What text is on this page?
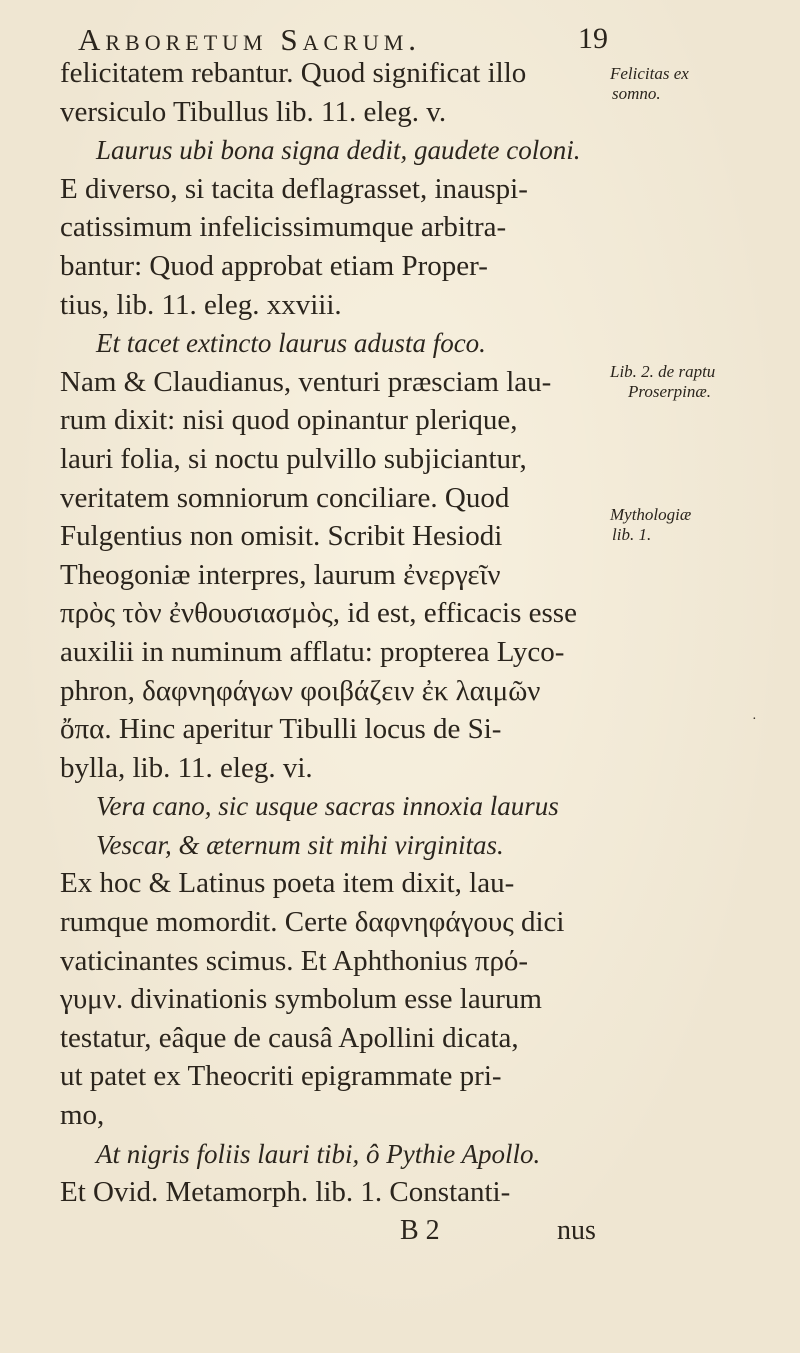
Arboretum Sacrum.	19
felicitatem rebantur. Quod significat illo
versiculo Tibullus lib. 11. eleg. v.
Laurus ubi bona signa dedit, gaudete coloni.
E diverso, si tacita deflagrasset, inauspi-
catissimum infelicissimumque arbitra-
bantur: Quod approbat etiam Proper-
tius, lib. 11. eleg. xxviii.
Et tacet extincto laurus adusta foco.
Nam & Claudianus, venturi præsciam lau-
rum dixit: nisi quod opinantur plerique,
lauri folia, si noctu pulvillo subjiciantur,
veritatem somniorum conciliare. Quod
Fulgentius non omisit. Scribit Hesiodi
Theogoniæ interpres, laurum ἐνεργεῖν
πρὸς τὸν ἐνθουσιασμὸς, id est, efficacis esse
auxilii in numinum afflatu: propterea Lyco-
phron, δαφνηφάγων φοιβάζειν ἐκ λαιμῶν
ὄπα. Hinc aperitur Tibulli locus de Si-
bylla, lib. 11. eleg. vi.
Vera cano, sic usque sacras innoxia laurus
Vescar, & æternum sit mihi virginitas.
Ex hoc & Latinus poeta item dixit, lau-
rumque momordit. Certe δαφνηφάγους dici
vaticinantes scimus. Et Aphthonius πρό-
γυμν. divinationis symbolum esse laurum
testatur, eâque de causâ Apollini dicata,
ut patet ex Theocriti epigrammate pri-
mo,
At nigris foliis lauri tibi, ô Pythie Apollo.
Et Ovid. Metamorph. lib. 1. Constanti-
B 2	nus
Felicitas ex
somno.
Lib. 2. de raptu
Proserpinæ.
Mythologiæ
lib. 1.
·
